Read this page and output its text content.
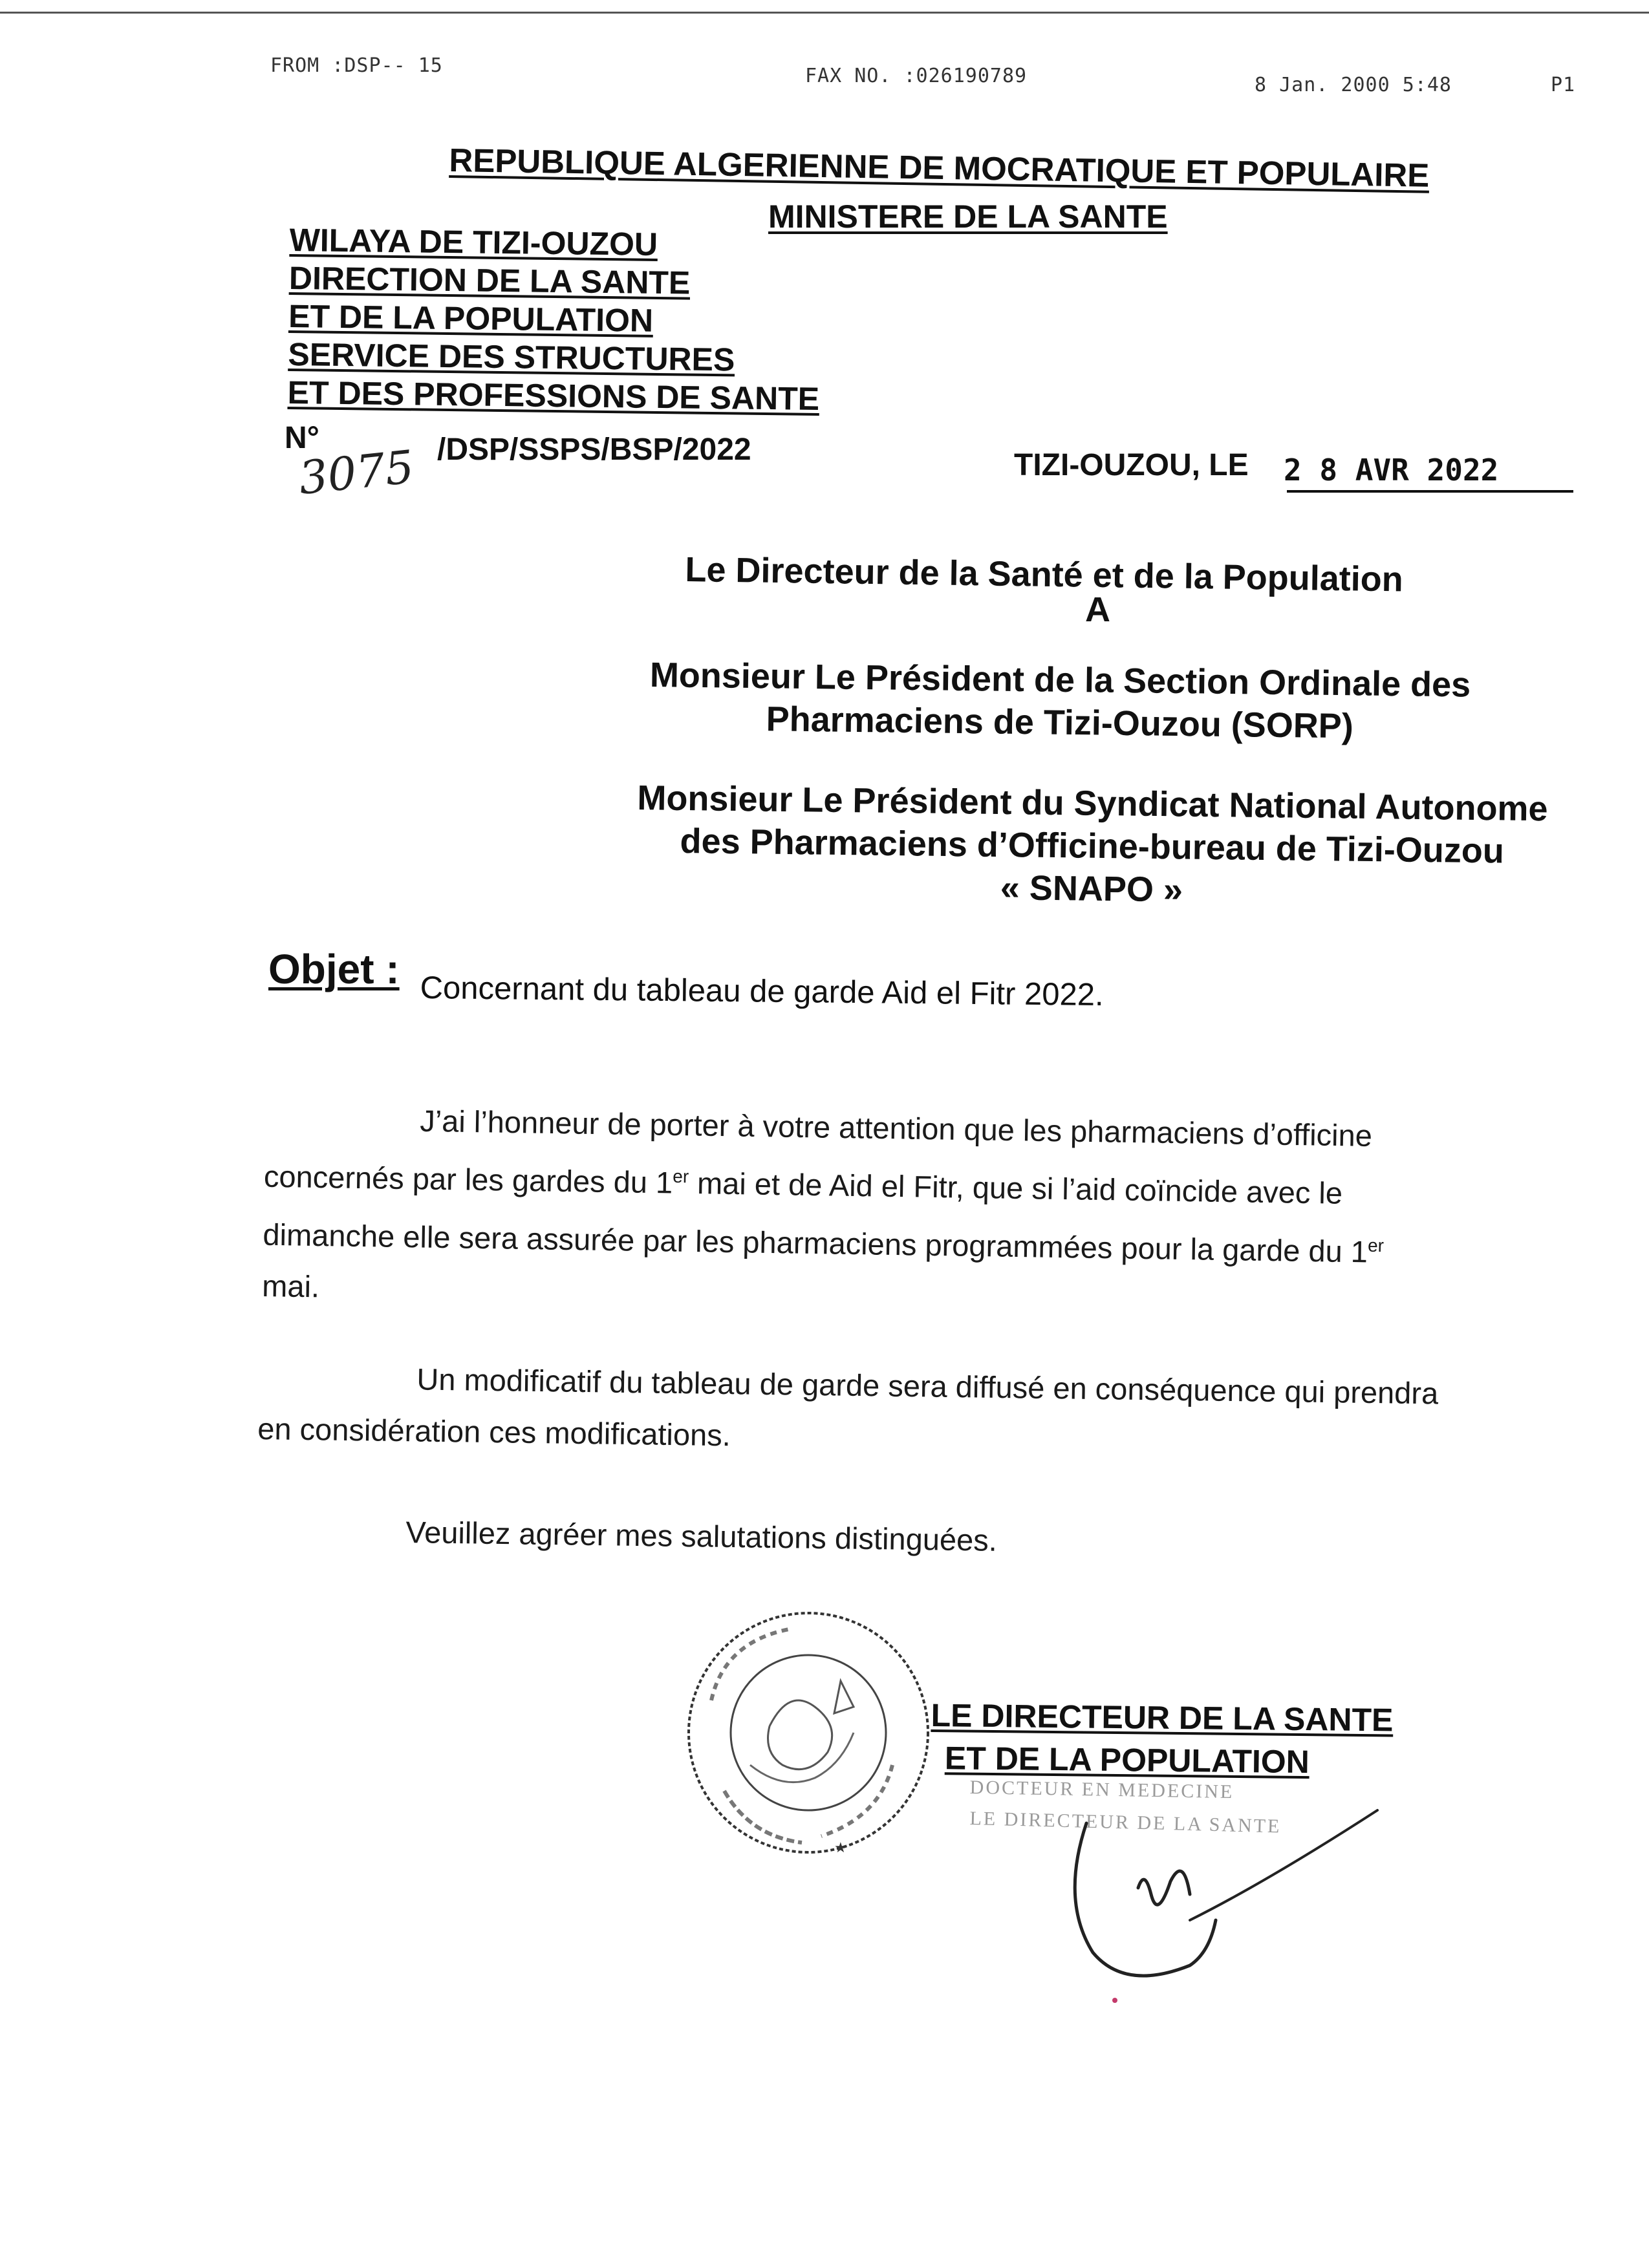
FROM :DSP-- 15	FAX NO. :026190789	8 Jan. 2000 5:48	P1
REPUBLIQUE ALGERIENNE DE MOCRATIQUE ET POPULAIRE
MINISTERE DE LA SANTE
WILAYA DE TIZI-OUZOU
DIRECTION DE LA SANTE
ET DE LA POPULATION
SERVICE DES STRUCTURES
ET DES PROFESSIONS DE SANTE
N°
3075 /DSP/SSPS/BSP/2022	TIZI-OUZOU, LE 2 8 AVR 2022
Le Directeur de la Santé et de la Population
A
Monsieur Le Président de la Section Ordinale des
Pharmaciens de Tizi-Ouzou (SORP)
Monsieur Le Président du Syndicat National Autonome
des Pharmaciens d’Officine-bureau de Tizi-Ouzou
« SNAPO »
Objet : Concernant du tableau de garde Aid el Fitr 2022.
J’ai l’honneur de porter à votre attention que les pharmaciens d’officine
concernés par les gardes du 1er mai et de Aid el Fitr, que si l’aid coïncide avec le
dimanche elle sera assurée par les pharmaciens programmées pour la garde du 1er
mai.
Un modificatif du tableau de garde sera diffusé en conséquence qui prendra
en considération ces modifications.
Veuillez agréer mes salutations distinguées.
★
LE DIRECTEUR DE LA SANTE
ET DE LA POPULATION
DOCTEUR EN MEDECINE
LE DIRECTEUR DE LA SANTE
